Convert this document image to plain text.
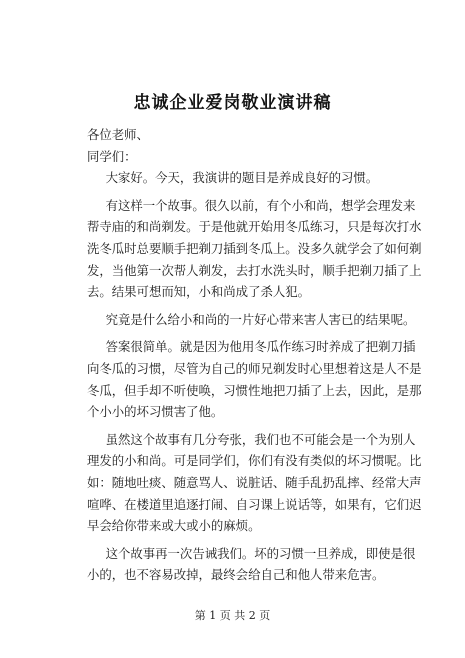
忠诚企业爱岗敬业演讲稿
各位老师、
同学们：
大家好。今天，我演讲的题目是养成良好的习惯。
有这样一个故事。很久以前，有个小和尚，想学会理发来
帮寺庙的和尚剃发。于是他就开始用冬瓜练习，只是每次打水
洗冬瓜时总要顺手把剃刀插到冬瓜上。没多久就学会了如何剃
发，当他第一次帮人剃发，去打水洗头时，顺手把剃刀插了上
去。结果可想而知，小和尚成了杀人犯。
究竟是什么给小和尚的一片好心带来害人害已的结果呢。
答案很简单。就是因为他用冬瓜作练习时养成了把剃刀插
向冬瓜的习惯，尽管为自己的师兄剃发时心里想着这是人不是
冬瓜，但手却不听使唤，习惯性地把刀插了上去，因此，是那
个小小的坏习惯害了他。
虽然这个故事有几分夸张，我们也不可能会是一个为别人
理发的小和尚。可是同学们，你们有没有类似的坏习惯呢。比
如：随地吐痰、随意骂人、说脏话、随手乱扔乱摔、经常大声
喧哗、在楼道里追逐打闹、自习课上说话等，如果有，它们迟
早会给你带来或大或小的麻烦。
这个故事再一次告诫我们。坏的习惯一旦养成，即使是很
小的，也不容易改掉，最终会给自己和他人带来危害。
第 1 页 共 2 页
